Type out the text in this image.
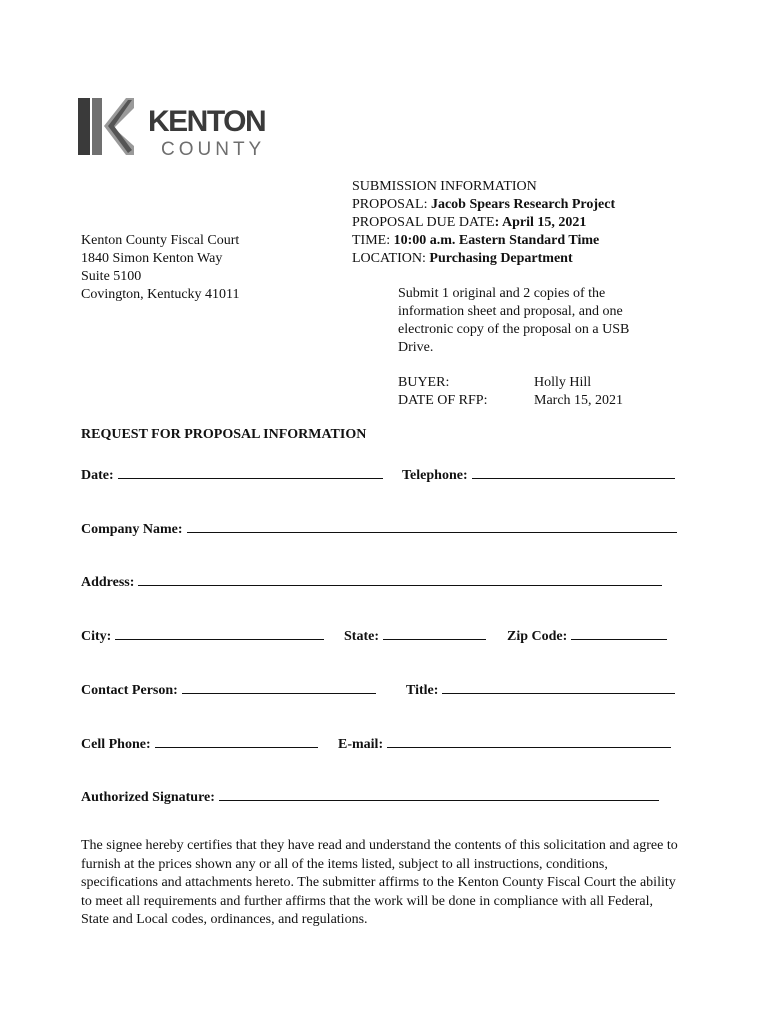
KENTON
COUNTY
Kenton County Fiscal Court
1840 Simon Kenton Way
Suite 5100
Covington, Kentucky 41011
SUBMISSION INFORMATION
PROPOSAL: Jacob Spears Research Project
PROPOSAL DUE DATE: April 15, 2021
TIME: 10:00 a.m. Eastern Standard Time
LOCATION: Purchasing Department
Submit 1 original and 2 copies of the information sheet and proposal, and one electronic copy of the proposal on a USB Drive.
BUYER:	Holly Hill
DATE OF RFP:	March 15, 2021
REQUEST FOR PROPOSAL INFORMATION
Date:	Telephone:
Company Name:
Address:
City:	State:	Zip Code:
Contact Person:	Title:
Cell Phone:	E-mail:
Authorized Signature:
The signee hereby certifies that they have read and understand the contents of this solicitation and agree to furnish at the prices shown any or all of the items listed, subject to all instructions, conditions, specifications and attachments hereto. The submitter affirms to the Kenton County Fiscal Court the ability to meet all requirements and further affirms that the work will be done in compliance with all Federal, State and Local codes, ordinances, and regulations.
